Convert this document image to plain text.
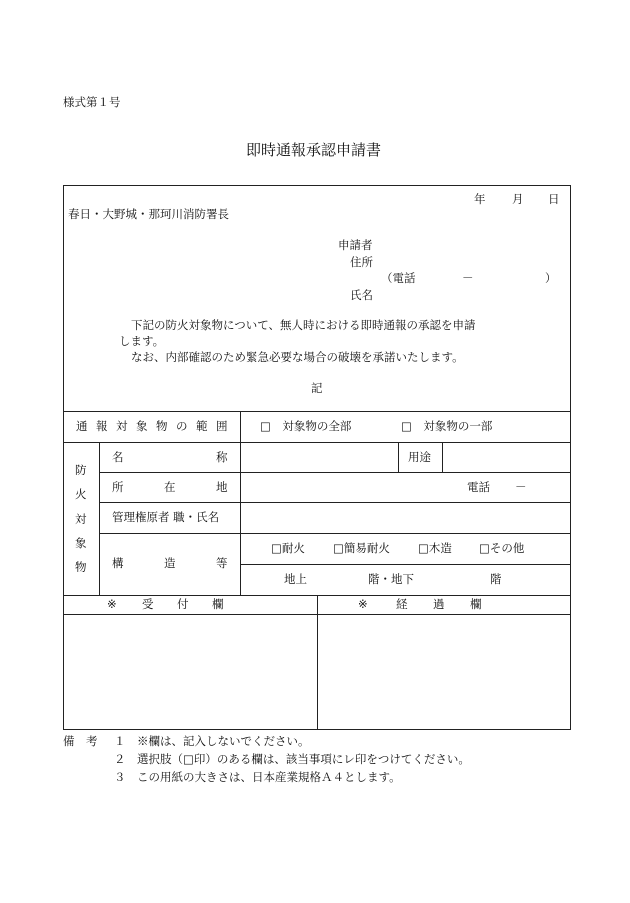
様式第１号
即時通報承認申請書
年 月 日
春日・大野城・那珂川消防署長
申請者
住所
（電話	－	）
氏名
下記の防火対象物について、無人時における即時通報の承認を申請
します。
なお、内部確認のため緊急必要な場合の破壊を承諾いたします。
記
通 報 対 象 物 の 範 囲	□　対象物の全部	□　対象物の一部
防
火
対
象
物
名	称	用途
所	在	地	電話 －
管理権原者 職・氏名
構	造	等
□耐火 □簡易耐火 □木造 □その他
地上	階・地下	階
※ 受 付 欄	※ 経 過 欄
備　考 １ ※欄は、記入しないでください。
２ 選択肢（□印）のある欄は、該当事項にレ印をつけてください。
３ この用紙の大きさは、日本産業規格Ａ４とします。
